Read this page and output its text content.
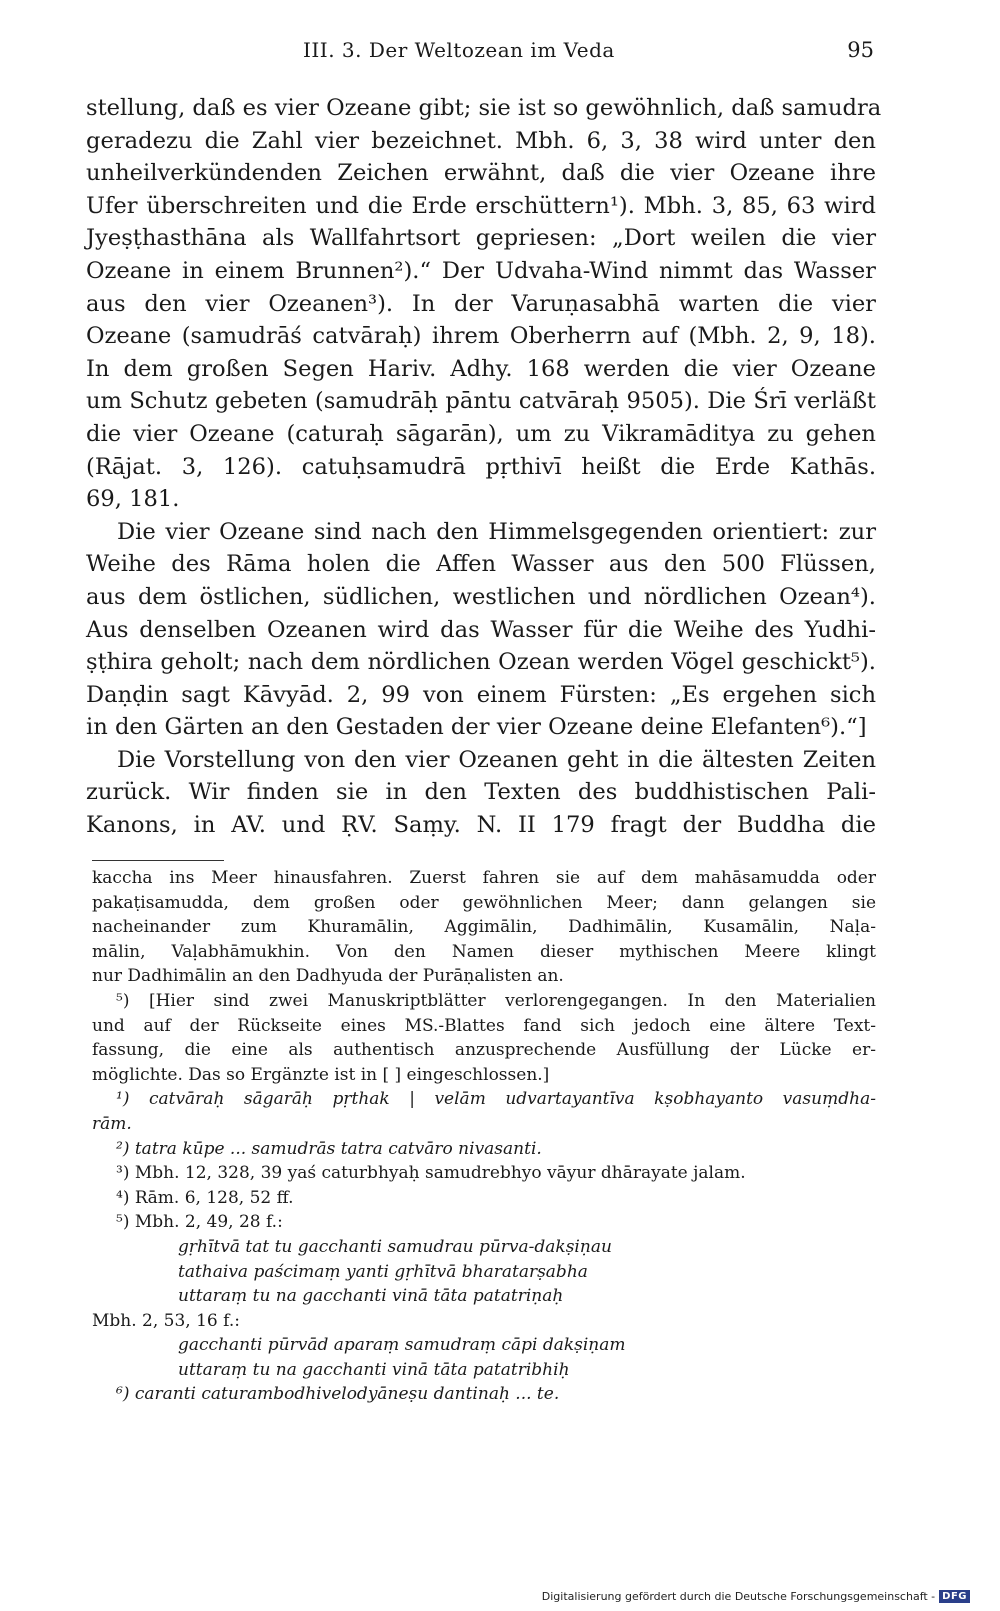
III. 3. Der Weltozean im Veda	95
stellung, daß es vier Ozeane gibt; sie ist so gewöhnlich, daß samudra
geradezu die Zahl vier bezeichnet. Mbh. 6, 3, 38 wird unter den
unheilverkündenden Zeichen erwähnt, daß die vier Ozeane ihre
Ufer überschreiten und die Erde erschüttern¹). Mbh. 3, 85, 63 wird
Jyeṣṭhasthāna als Wallfahrtsort gepriesen: „Dort weilen die vier
Ozeane in einem Brunnen²).“ Der Udvaha-Wind nimmt das Wasser
aus den vier Ozeanen³). In der Varuṇasabhā warten die vier
Ozeane (samudrāś catvāraḥ) ihrem Oberherrn auf (Mbh. 2, 9, 18).
In dem großen Segen Hariv. Adhy. 168 werden die vier Ozeane
um Schutz gebeten (samudrāḥ pāntu catvāraḥ 9505). Die Śrī verläßt
die vier Ozeane (caturaḥ sāgarān), um zu Vikramāditya zu gehen
(Rājat. 3, 126). catuḥsamudrā pṛthivī heißt die Erde Kathās.
69, 181.
Die vier Ozeane sind nach den Himmelsgegenden orientiert: zur
Weihe des Rāma holen die Affen Wasser aus den 500 Flüssen,
aus dem östlichen, südlichen, westlichen und nördlichen Ozean⁴).
Aus denselben Ozeanen wird das Wasser für die Weihe des Yudhi-
ṣṭhira geholt; nach dem nördlichen Ozean werden Vögel geschickt⁵).
Daṇḍin sagt Kāvyād. 2, 99 von einem Fürsten: „Es ergehen sich
in den Gärten an den Gestaden der vier Ozeane deine Elefanten⁶).“]
Die Vorstellung von den vier Ozeanen geht in die ältesten Zeiten
zurück. Wir finden sie in den Texten des buddhistischen Pali-
Kanons, in AV. und ṚV. Saṃy. N. II 179 fragt der Buddha die
kaccha ins Meer hinausfahren. Zuerst fahren sie auf dem mahāsamudda oder
pakaṭisamudda, dem großen oder gewöhnlichen Meer; dann gelangen sie
nacheinander zum Khuramālin, Aggimālin, Dadhimālin, Kusamālin, Naḷa-
mālin, Vaḷabhāmukhin. Von den Namen dieser mythischen Meere klingt
nur Dadhimālin an den Dadhyuda der Purāṇalisten an.
⁵) [Hier sind zwei Manuskriptblätter verlorengegangen. In den Materialien
und auf der Rückseite eines MS.-Blattes fand sich jedoch eine ältere Text-
fassung, die eine als authentisch anzusprechende Ausfüllung der Lücke er-
möglichte. Das so Ergänzte ist in [ ] eingeschlossen.]
¹) catvāraḥ sāgarāḥ pṛthak | velām udvartayantīva kṣobhayanto vasuṃdha-
rām.
²) tatra kūpe ... samudrās tatra catvāro nivasanti.
³) Mbh. 12, 328, 39 yaś caturbhyaḥ samudrebhyo vāyur dhārayate jalam.
⁴) Rām. 6, 128, 52 ff.
⁵) Mbh. 2, 49, 28 f.:
gṛhītvā tat tu gacchanti samudrau pūrva-dakṣiṇau
tathaiva paścimaṃ yanti gṛhītvā bharatarṣabha
uttaraṃ tu na gacchanti vinā tāta patatriṇaḥ
Mbh. 2, 53, 16 f.:
gacchanti pūrvād aparaṃ samudraṃ cāpi dakṣiṇam
uttaraṃ tu na gacchanti vinā tāta patatribhiḥ
⁶) caranti caturambodhivelodyāneṣu dantinaḥ ... te.
Digitalisierung gefördert durch die Deutsche Forschungsgemeinschaft - DFG
